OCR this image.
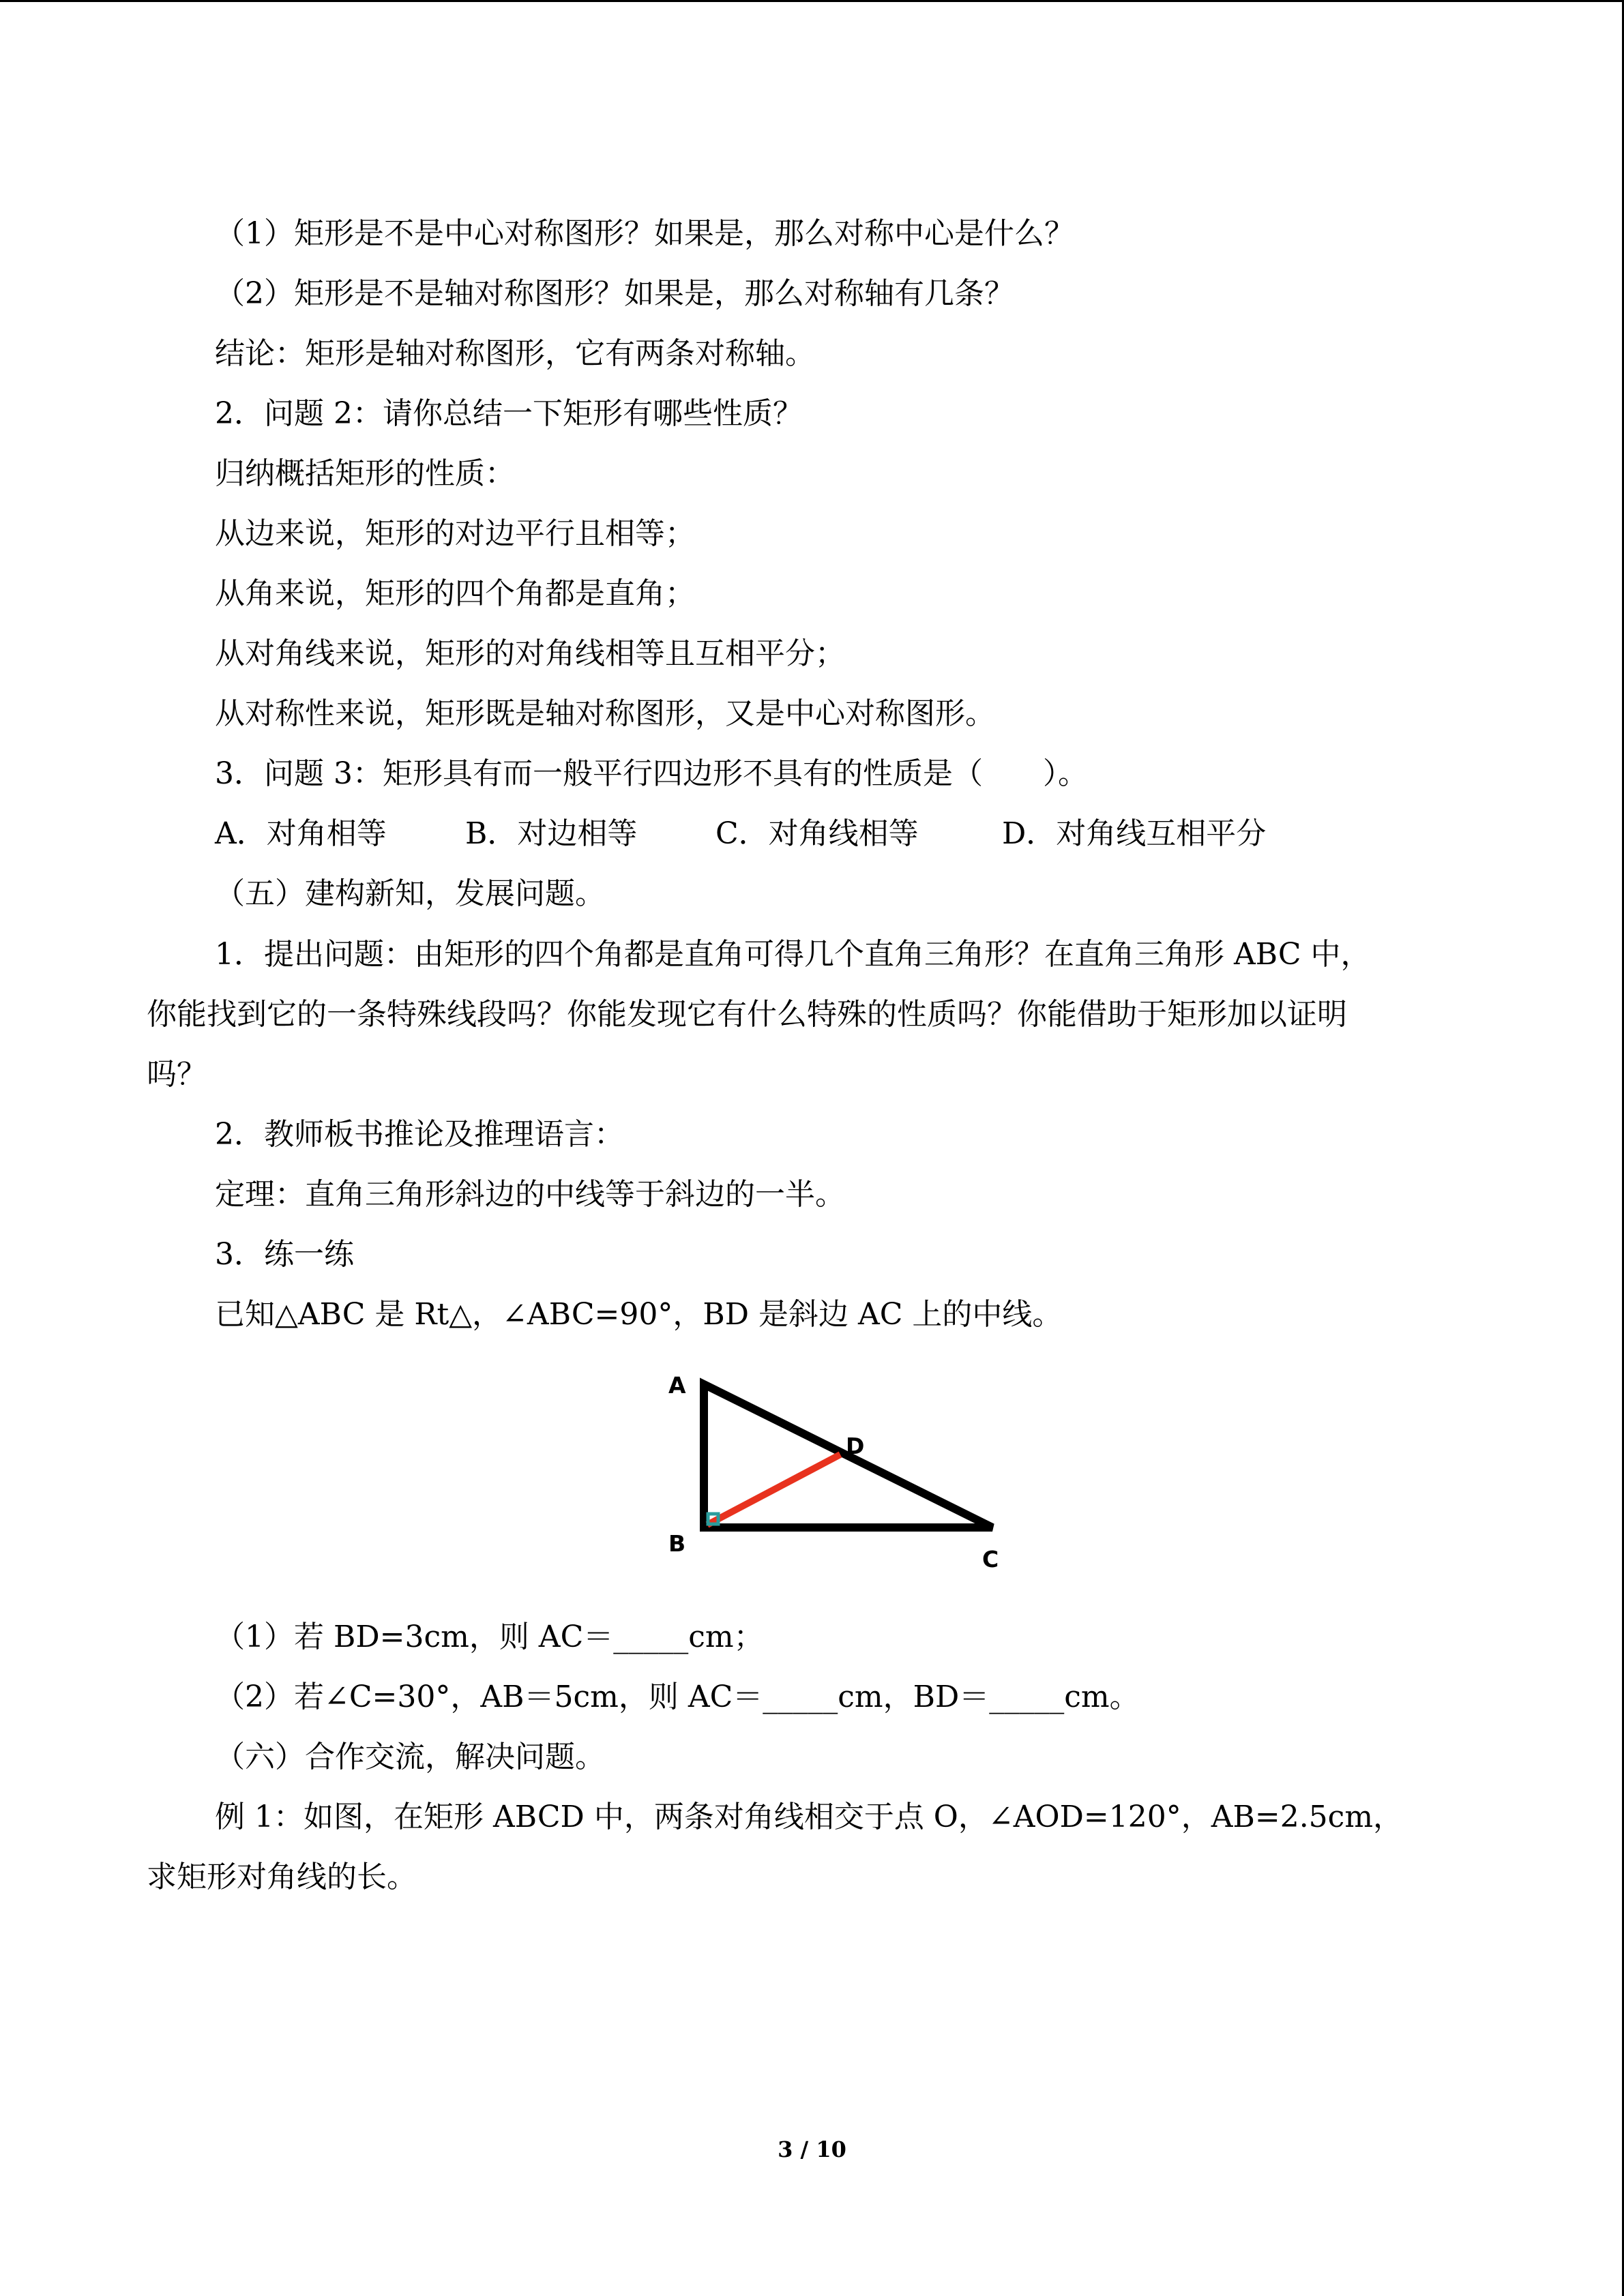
（1）矩形是不是中心对称图形？如果是，那么对称中心是什么？
（2）矩形是不是轴对称图形？如果是，那么对称轴有几条？
结论：矩形是轴对称图形，它有两条对称轴。
2．问题 2：请你总结一下矩形有哪些性质？
归纳概括矩形的性质：
从边来说，矩形的对边平行且相等；
从角来说，矩形的四个角都是直角；
从对角线来说，矩形的对角线相等且互相平分；
从对称性来说，矩形既是轴对称图形，又是中心对称图形。
3．问题 3：矩形具有而一般平行四边形不具有的性质是（　　）。
A．对角相等	B．对边相等	C．对角线相等	D．对角线互相平分
（五）建构新知，发展问题。
1．提出问题：由矩形的四个角都是直角可得几个直角三角形？在直角三角形 ABC 中，
你能找到它的一条特殊线段吗？你能发现它有什么特殊的性质吗？你能借助于矩形加以证明
吗？
2．教师板书推论及推理语言：
定理：直角三角形斜边的中线等于斜边的一半。
3．练一练
已知△ABC 是 Rt△，∠ABC=90°，BD 是斜边 AC 上的中线。
A
B
C
D
（1）若 BD=3cm，则 AC＝_____cm；
（2）若∠C=30°，AB＝5cm，则 AC＝_____cm，BD＝_____cm。
（六）合作交流，解决问题。
例 1：如图，在矩形 ABCD 中，两条对角线相交于点 O，∠AOD=120°，AB=2.5cm，
求矩形对角线的长。
3 / 10
